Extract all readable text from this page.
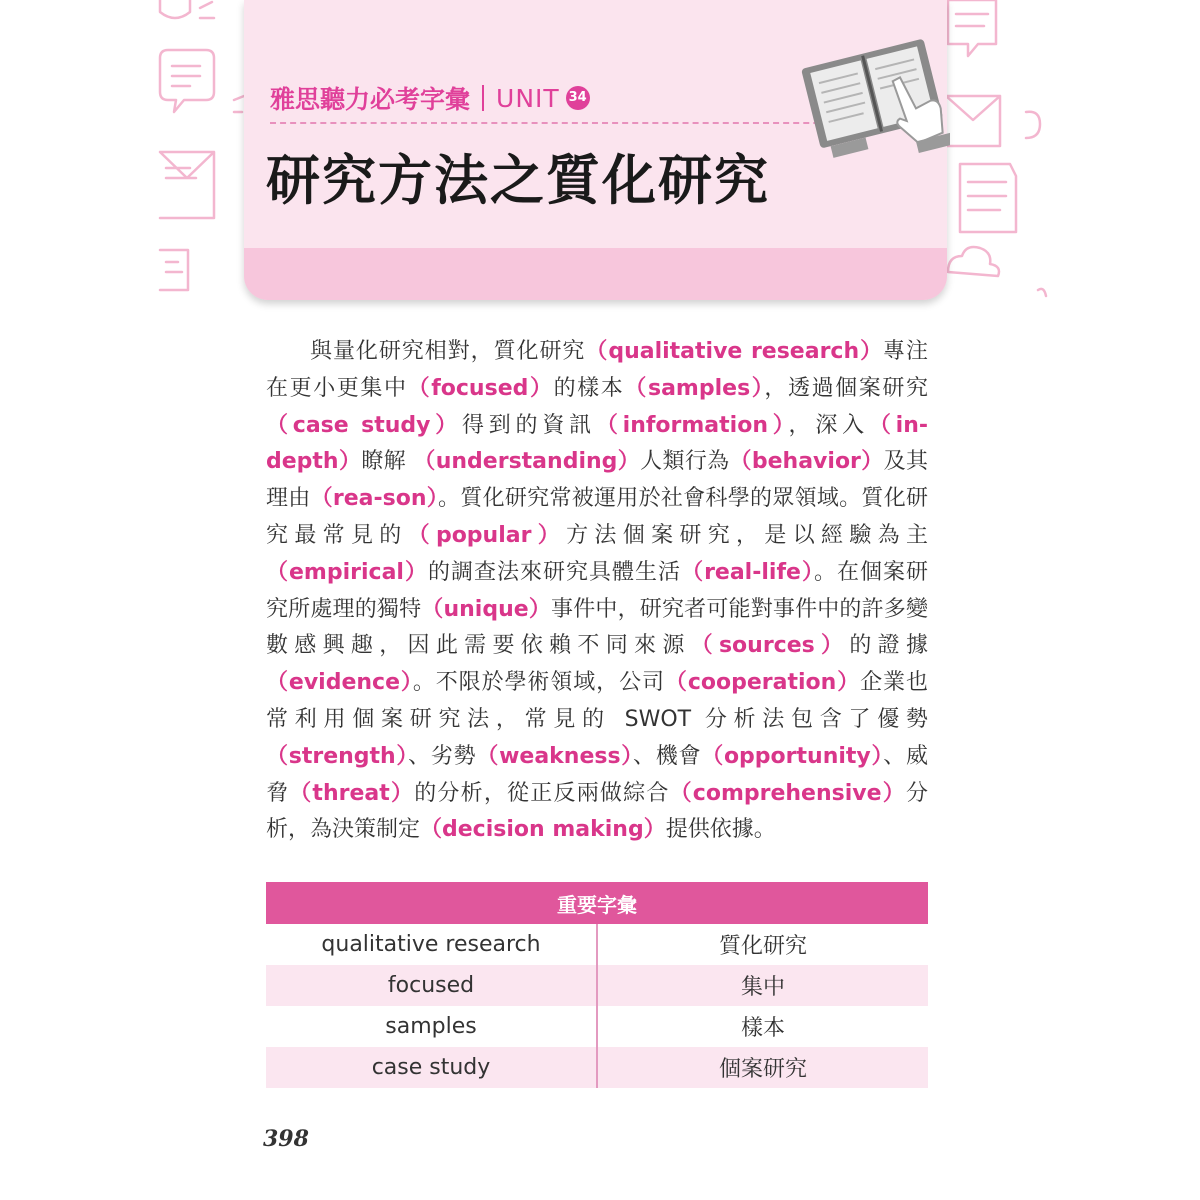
雅思聽力必考字彙 UNIT 34
研究方法之質化研究

與量化研究相對，質化研究（qualitative research）專注在更小更集中（focused）的樣本（samples），透過個案研究（case study）得到的資訊（information），深入（in-depth）瞭解 （understanding）人類行為（behavior）及其理由（rea-son）。質化研究常被運用於社會科學的眾領域。質化研究最常見的（popular）方法個案研究，是以經驗為主（empirical）的調查法來研究具體生活（real-life）。在個案研究所處理的獨特（unique）事件中，研究者可能對事件中的許多變數感興趣，因此需要依賴不同來源（sources）的證據（evidence）。不限於學術領域，公司（cooperation）企業也常利用個案研究法，常見的 SWOT 分析法包含了優勢（strength）、劣勢（weakness）、機會（opportunity）、威脅（threat）的分析，從正反兩做綜合（comprehensive）分析，為決策制定（decision making）提供依據。

重要字彙	
qualitative research	質化研究
focused	集中
samples	樣本
case study	個案研究
398
